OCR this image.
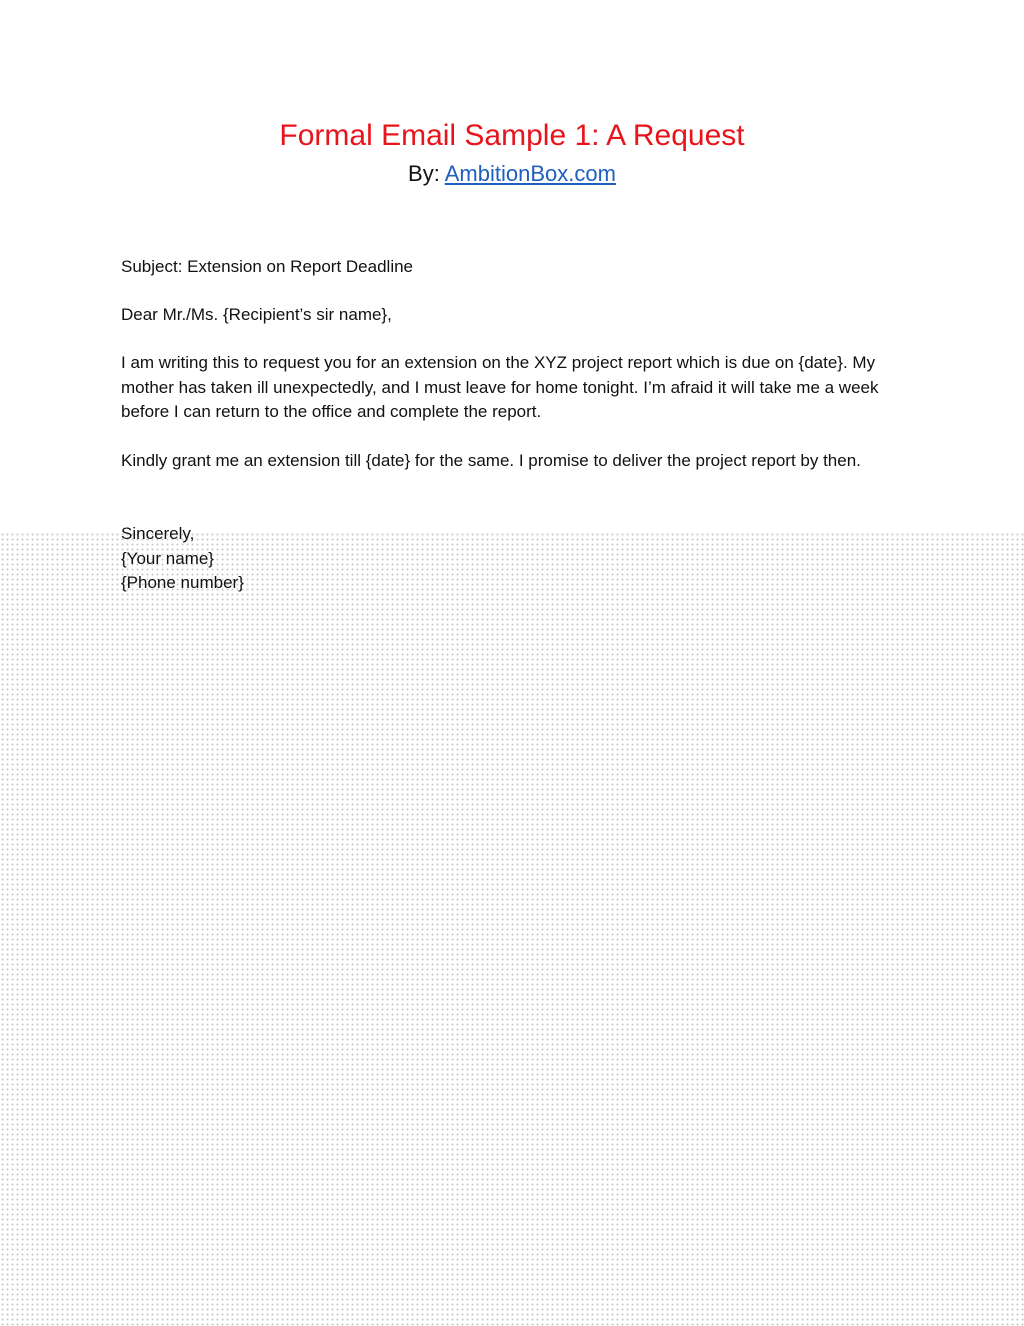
Formal Email Sample 1: A Request
By: AmbitionBox.com

Subject: Extension on Report Deadline

Dear Mr./Ms. {Recipient’s sir name},

I am writing this to request you for an extension on the XYZ project report which is due on {date}. My mother has taken ill unexpectedly, and I must leave for home tonight. I’m afraid it will take me a week before I can return to the office and complete the report.

Kindly grant me an extension till {date} for the same. I promise to deliver the project report by then.

Sincerely,
{Your name}
{Phone number}
